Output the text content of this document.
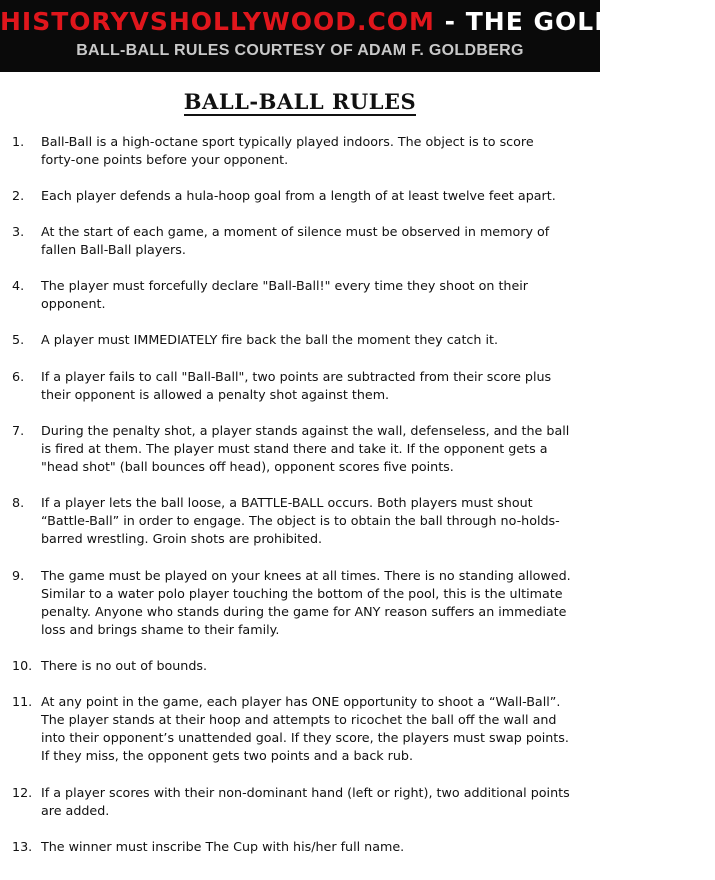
HISTORYVSHOLLYWOOD.COM - THE GOLDBERGS
BALL-BALL RULES COURTESY OF ADAM F. GOLDBERG
BALL-BALL RULES
1. Ball-Ball is a high-octane sport typically played indoors. The object is to score
forty-one points before your opponent.
2. Each player defends a hula-hoop goal from a length of at least twelve feet apart.
3. At the start of each game, a moment of silence must be observed in memory of
fallen Ball-Ball players.
4. The player must forcefully declare "Ball-Ball!" every time they shoot on their
opponent.
5. A player must IMMEDIATELY fire back the ball the moment they catch it.
6. If a player fails to call "Ball-Ball", two points are subtracted from their score plus
their opponent is allowed a penalty shot against them.
7. During the penalty shot, a player stands against the wall, defenseless, and the ball
is fired at them. The player must stand there and take it. If the opponent gets a
"head shot" (ball bounces off head), opponent scores five points.
8. If a player lets the ball loose, a BATTLE-BALL occurs. Both players must shout
“Battle-Ball” in order to engage. The object is to obtain the ball through no-holds-
barred wrestling. Groin shots are prohibited.
9. The game must be played on your knees at all times. There is no standing allowed.
Similar to a water polo player touching the bottom of the pool, this is the ultimate
penalty. Anyone who stands during the game for ANY reason suffers an immediate
loss and brings shame to their family.
10. There is no out of bounds.
11. At any point in the game, each player has ONE opportunity to shoot a “Wall-Ball”.
The player stands at their hoop and attempts to ricochet the ball off the wall and
into their opponent’s unattended goal. If they score, the players must swap points.
If they miss, the opponent gets two points and a back rub.
12. If a player scores with their non-dominant hand (left or right), two additional points
are added.
13. The winner must inscribe The Cup with his/her full name.
